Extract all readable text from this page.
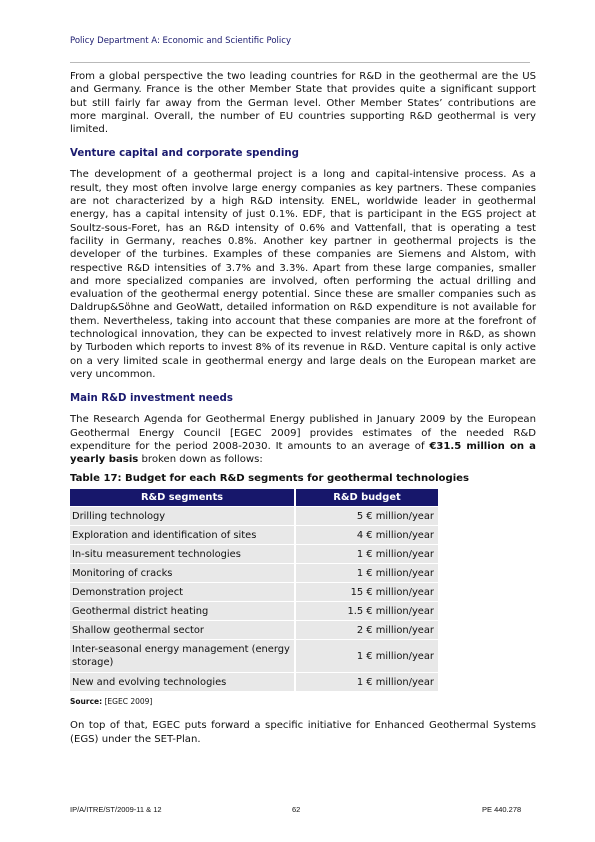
Policy Department A: Economic and Scientific Policy

From a global perspective the two leading countries for R&D in the geothermal are the US and Germany. France is the other Member State that provides quite a significant support but still fairly far away from the German level. Other Member States’ contributions are more marginal. Overall, the number of EU countries supporting R&D geothermal is very limited.

Venture capital and corporate spending

The development of a geothermal project is a long and capital-intensive process. As a result, they most often involve large energy companies as key partners. These companies are not characterized by a high R&D intensity. ENEL, worldwide leader in geothermal energy, has a capital intensity of just 0.1%. EDF, that is participant in the EGS project at Soultz-sous-Foret, has an R&D intensity of 0.6% and Vattenfall, that is operating a test facility in Germany, reaches 0.8%. Another key partner in geothermal projects is the developer of the turbines. Examples of these companies are Siemens and Alstom, with respective R&D intensities of 3.7% and 3.3%. Apart from these large companies, smaller and more specialized companies are involved, often performing the actual drilling and evaluation of the geothermal energy potential. Since these are smaller companies such as Daldrup&Söhne and GeoWatt, detailed information on R&D expenditure is not available for them. Nevertheless, taking into account that these companies are more at the forefront of technological innovation, they can be expected to invest relatively more in R&D, as shown by Turboden which reports to invest 8% of its revenue in R&D. Venture capital is only active on a very limited scale in geothermal energy and large deals on the European market are very uncommon.

Main R&D investment needs

The Research Agenda for Geothermal Energy published in January 2009 by the European Geothermal Energy Council [EGEC 2009] provides estimates of the needed R&D expenditure for the period 2008-2030. It amounts to an average of €31.5 million on a yearly basis broken down as follows:

Table 17: Budget for each R&D segments for geothermal technologies
R&D segments	R&D budget
Drilling technology	5 € million/year
Exploration and identification of sites	4 € million/year
In-situ measurement technologies	1 € million/year
Monitoring of cracks	1 € million/year
Demonstration project	15 € million/year
Geothermal district heating	1.5 € million/year
Shallow geothermal sector	2 € million/year
Inter-seasonal energy management (energy storage)	1 € million/year
New and evolving technologies	1 € million/year
Source: [EGEC 2009]

On top of that, EGEC puts forward a specific initiative for Enhanced Geothermal Systems (EGS) under the SET-Plan.

IP/A/ITRE/ST/2009-11 & 12	62	PE 440.278
